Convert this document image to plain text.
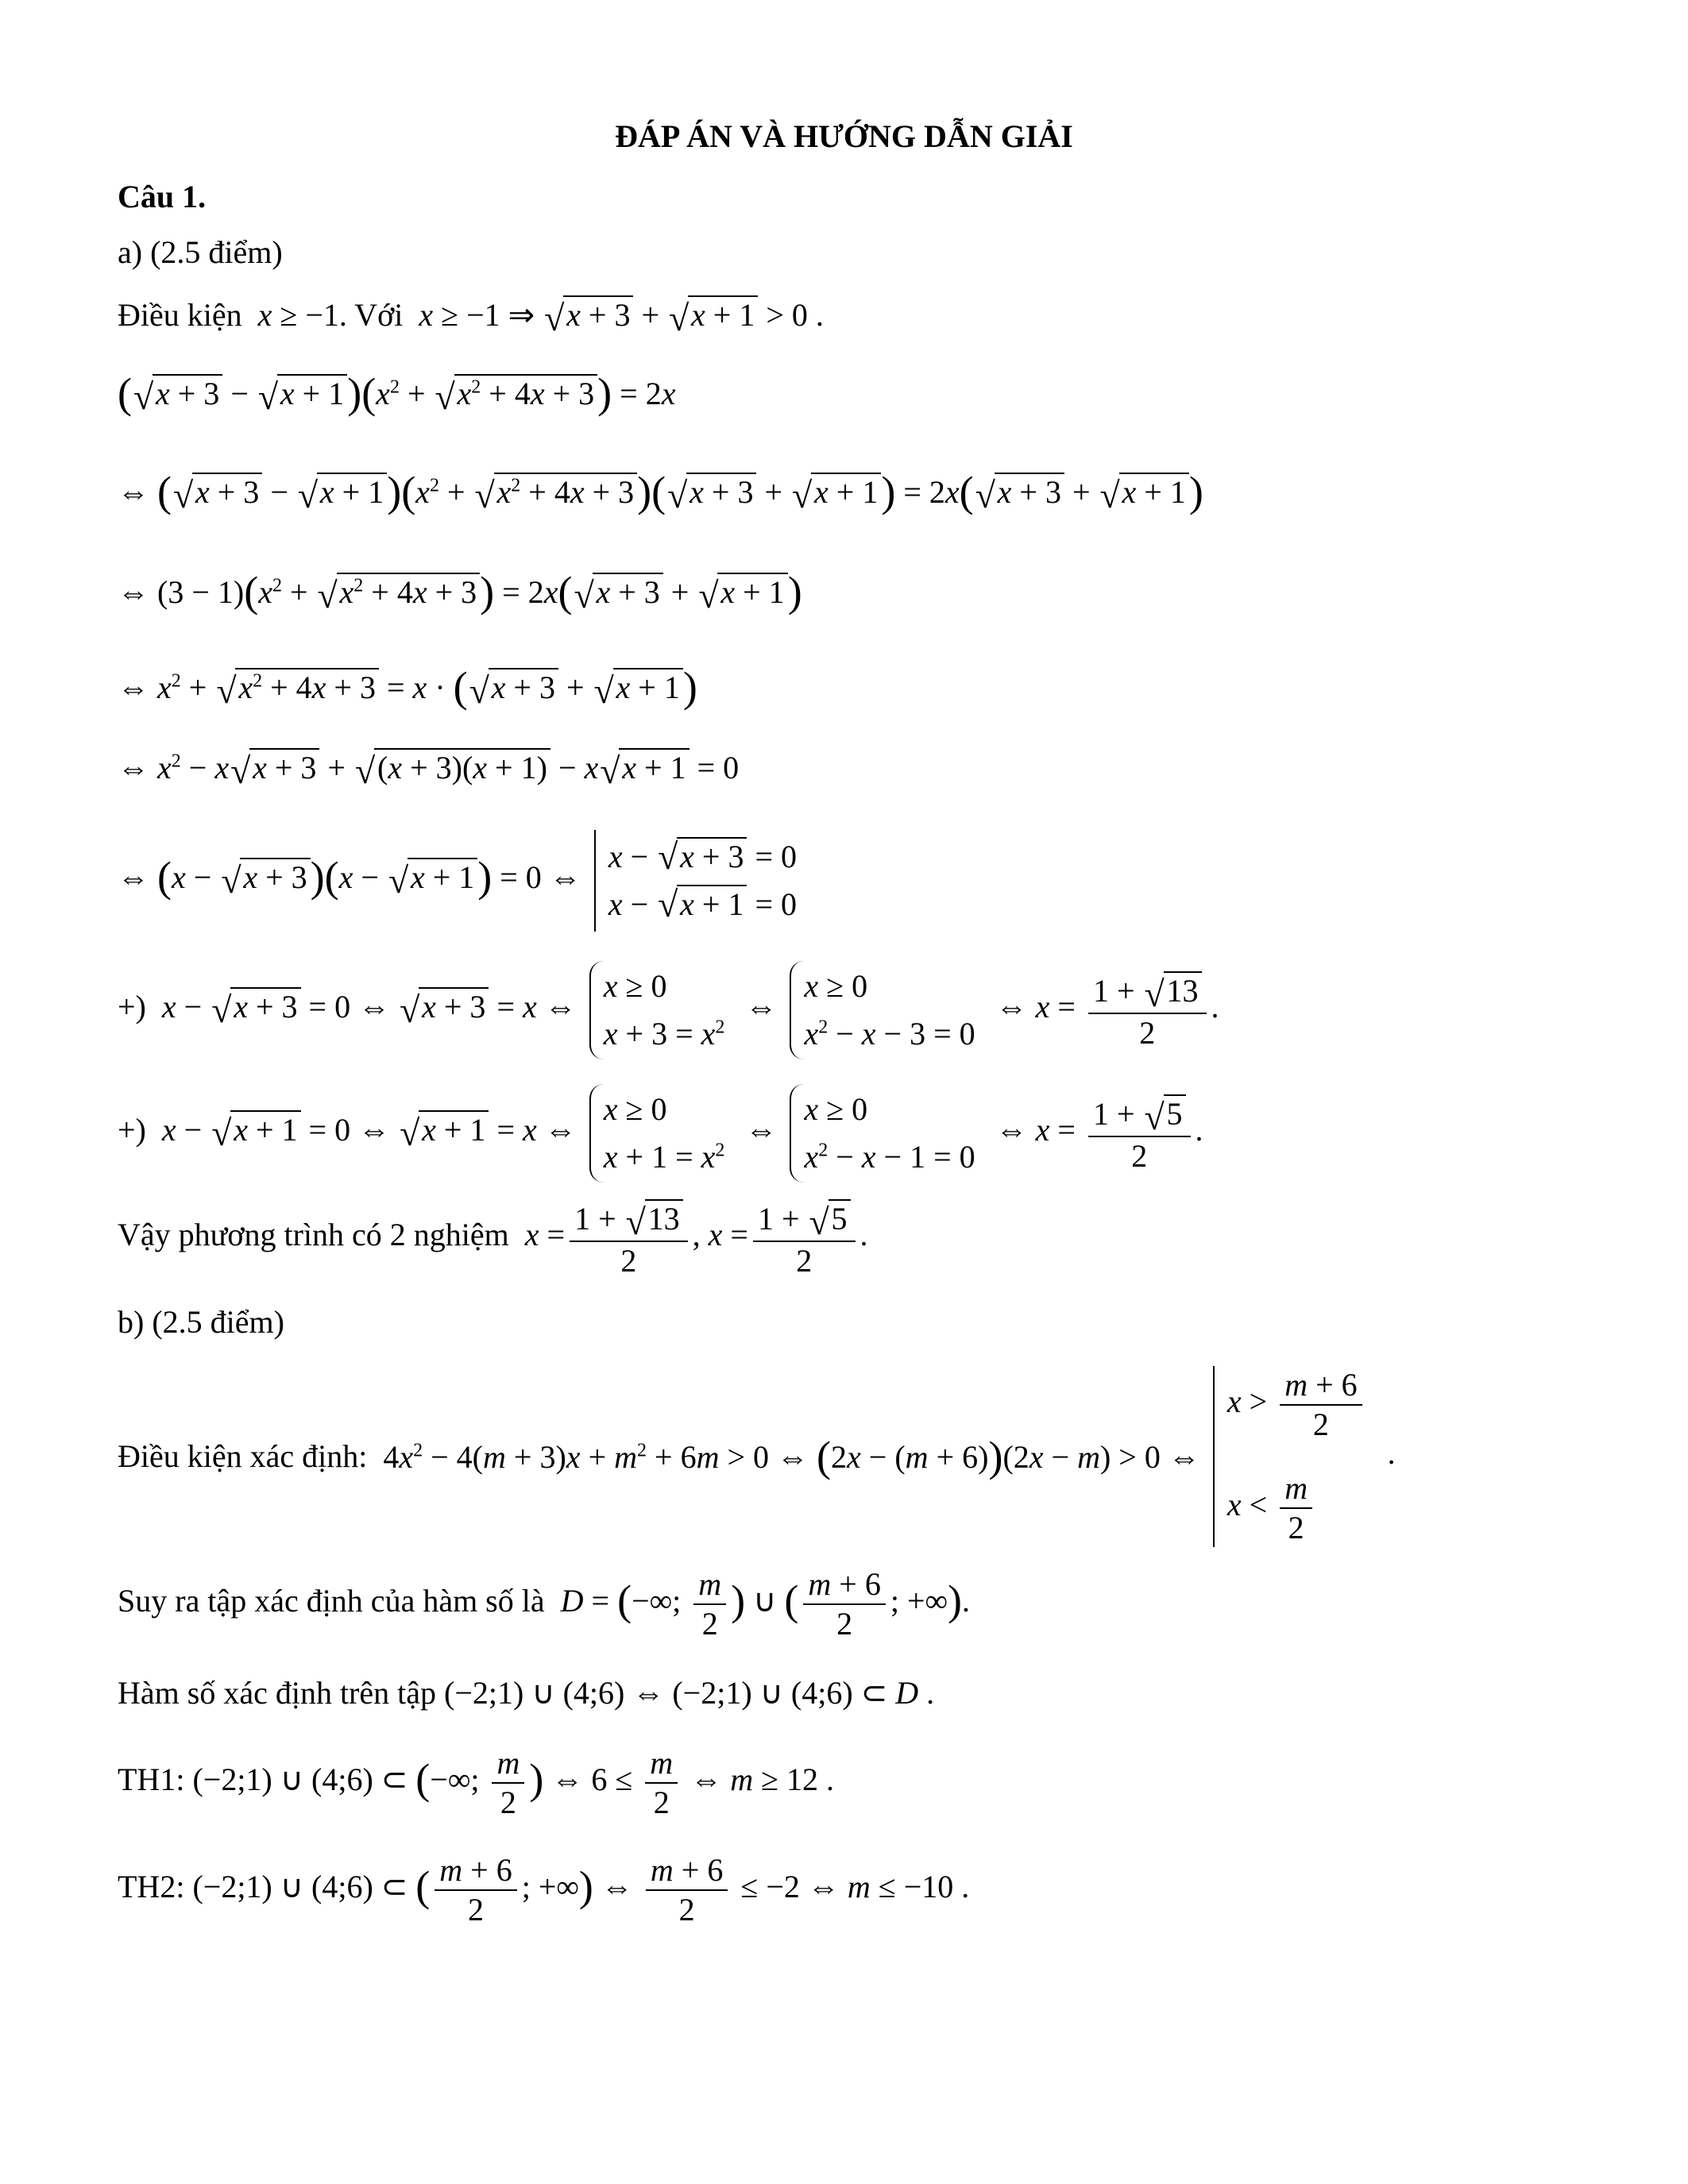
ĐÁP ÁN VÀ HƯỚNG DẪN GIẢI
Câu 1.
a) (2.5 điểm)
Điều kiện  x ≥ −1. Với  x ≥ −1 ⇒ √ x + 3 + √ x + 1 > 0 .
(√ x + 3 − √ $x + 1)(x^2$ + √ $x^2 + 4x + 3) = 2x$
⇔ (√ x + 3 − √ $x + 1)(x^2$ + √ $x^2 + 4x + 3)(√$ x + 3 + √ x + 1) = 2x(√ x + 3 + √ x + 1)
⇔ $(3 - 1)(x^2$ + √ $x^2 + 4x + 3) = 2x(√$ x + 3 + √ x + 1)
⇔ $x^2$ + √ $x^2 + 4x + 3 = x$ · (√ x + 3 + √ x + 1)
⇔ $x^2 - x√$ x + 3 + √ (x + 3)(x + 1) − x√ x + 1 = 0
⇔ (x − √ x + 3)(x − √ x + 1) = 0 ⇔
x − √ x + 3 = 0
x − √ x + 1 = 0
+) x − √ x + 3 = 0 ⇔ √ x + 3 = x ⇔
x ≥ 0
$x + 3 = x^2$
⇔
x ≥ 0
$x^2 - x - 3 = 0$
⇔ $x = \frac{1 + √ 13}{2}$ .
+) x − √ x + 1 = 0 ⇔ √ x + 1 = x ⇔
x ≥ 0
$x + 1 = x^2$
⇔
x ≥ 0
$x^2 - x - 1 = 0$
⇔ $x = \frac{1 + √ 5}{2}$ .
Vậy phương trình có 2 nghiệm  $x = \frac{1 + √ 13}{2}$ , $x = \frac{1 + √ 5}{2}$ .
b) (2.5 điểm)
Điều kiện xác định:  $4x^2 - 4(m + 3)x + m^2 + 6m > 0$ ⇔ (2x − (m + 6))(2x − m) > 0 ⇔
$x > \frac{m + 6}{2}$
$x < \frac{m}{2}$
.
Suy ra tập xác định của hàm số là  D = (−∞; $\frac{m}{2}$ ) ∪ ( $\frac{m + 6}{2}$ ; +∞).
Hàm số xác định trên tập (−2;1) ∪ (4;6) ⇔ (−2;1) ∪ (4;6) ⊂ D .
TH1: (−2;1) ∪ (4;6) ⊂ (−∞; $\frac{m}{2}$ ) ⇔ $6 \le \frac{m}{2}$ ⇔ m ≥ 12 .
TH2: (−2;1) ∪ (4;6) ⊂ ( $\frac{m + 6}{2}$ ; +∞) ⇔ $\frac{m + 6}{2} \le -2$ ⇔ m ≤ −10 .
